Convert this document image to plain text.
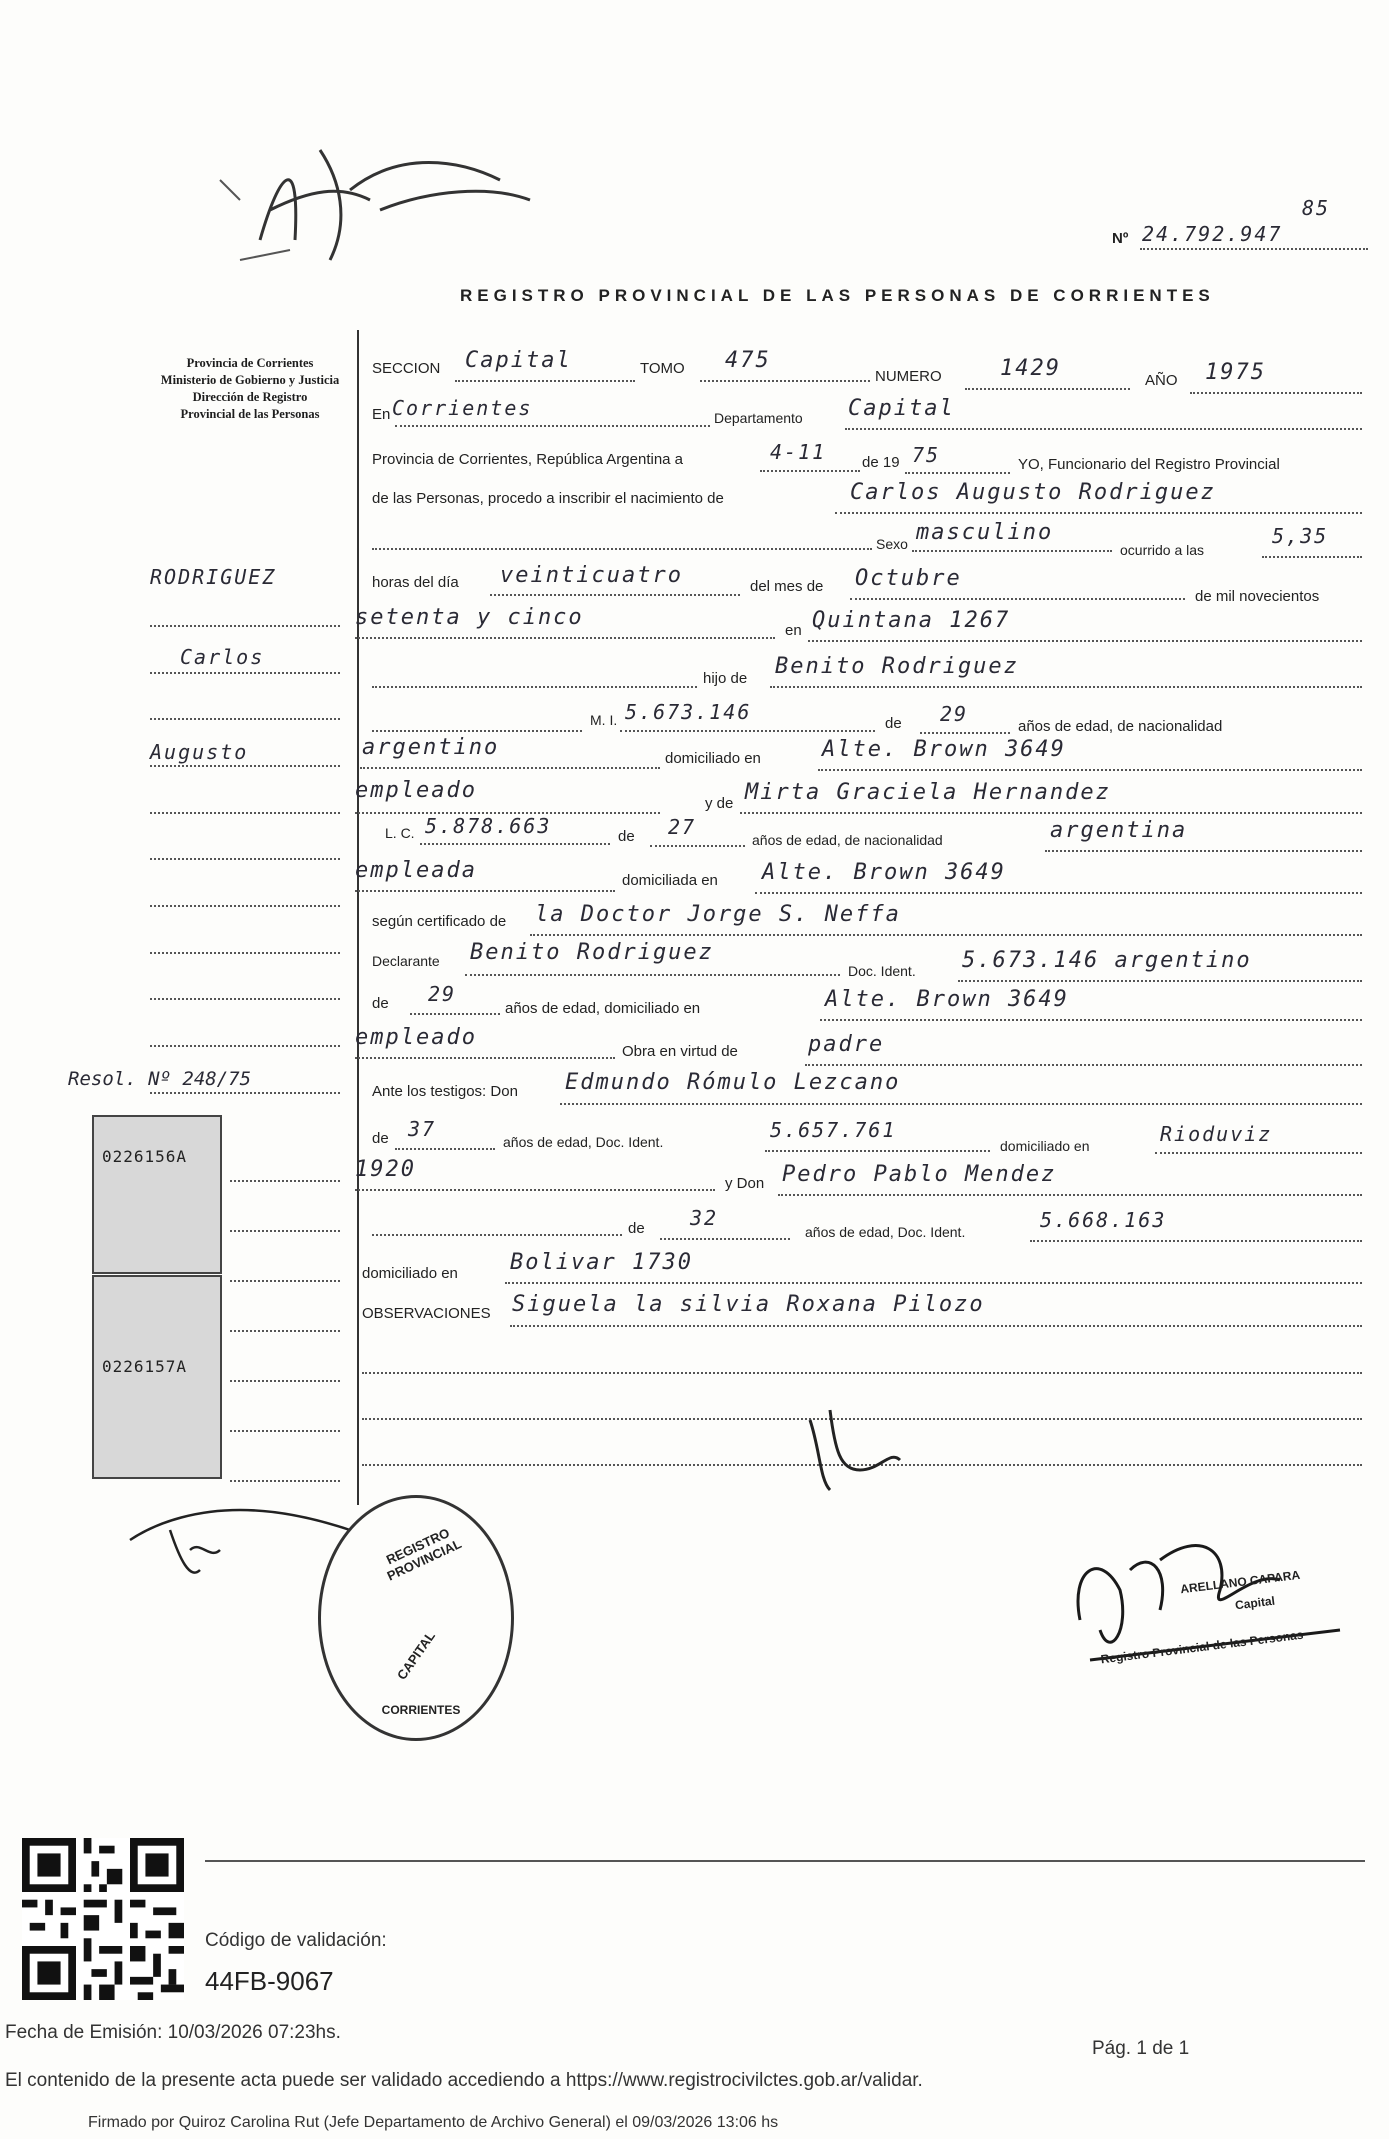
85
Nº 24.792.947
REGISTRO PROVINCIAL DE LAS PERSONAS DE CORRIENTES
Provincia de Corrientes
Ministerio de Gobierno y Justicia
Dirección de Registro
Provincial de las Personas
RODRIGUEZ
Carlos
Augusto
Resol. Nº 248/75
0226156A
0226157A
SECCION Capital	TOMO 475
NUMERO	1429	AÑO 1975
En Corrientes	Departamento Capital
Provincia de Corrientes, República Argentina a	4-11 de 19 75	YO, Funcionario del Registro Provincial
de las Personas, procedo a inscribir el nacimiento de	Carlos Augusto Rodriguez
Sexo masculino
ocurrido a las
5,35
horas del día veinticuatro	del mes de Octubre
de mil novecientos
setenta y cinco
en Quintana 1267
hijo de Benito Rodriguez
M. I. 5.673.146	de 29
años de edad, de nacionalidad
argentino	domiciliado en	Alte. Brown 3649
empleado
y de Mirta Graciela Hernandez
L. C. 5.878.663	de 27
años de edad, de nacionalidad	argentina
empleada	domiciliada en Alte. Brown 3649
según certificado de la Doctor Jorge S. Neffa
Declarante Benito Rodriguez
Doc. Ident. 5.673.146 argentino
de 29
años de edad, domiciliado en	Alte. Brown 3649
empleado
Obra en virtud de	padre
Ante los testigos: Don Edmundo Rómulo Lezcano
de 37
años de edad, Doc. Ident.	5.657.761
domiciliado en	Rioduviz
1920
y Don Pedro Pablo Mendez
de 32
años de edad, Doc. Ident.	5.668.163
domiciliado en Bolivar 1730
OBSERVACIONES Siguela la silvia Roxana Pilozo
ARELLANO CAPARA
Capital
Registro Provincial de las Personas
REGISTRO PROVINCIAL
CAPITAL
CORRIENTES
Código de validación:
44FB-9067
Fecha de Emisión: 10/03/2026 07:23hs.
Pág. 1 de 1
El contenido de la presente acta puede ser validado accediendo a https://www.registrocivilctes.gob.ar/validar.
Firmado por Quiroz Carolina Rut (Jefe Departamento de Archivo General) el 09/03/2026 13:06 hs
